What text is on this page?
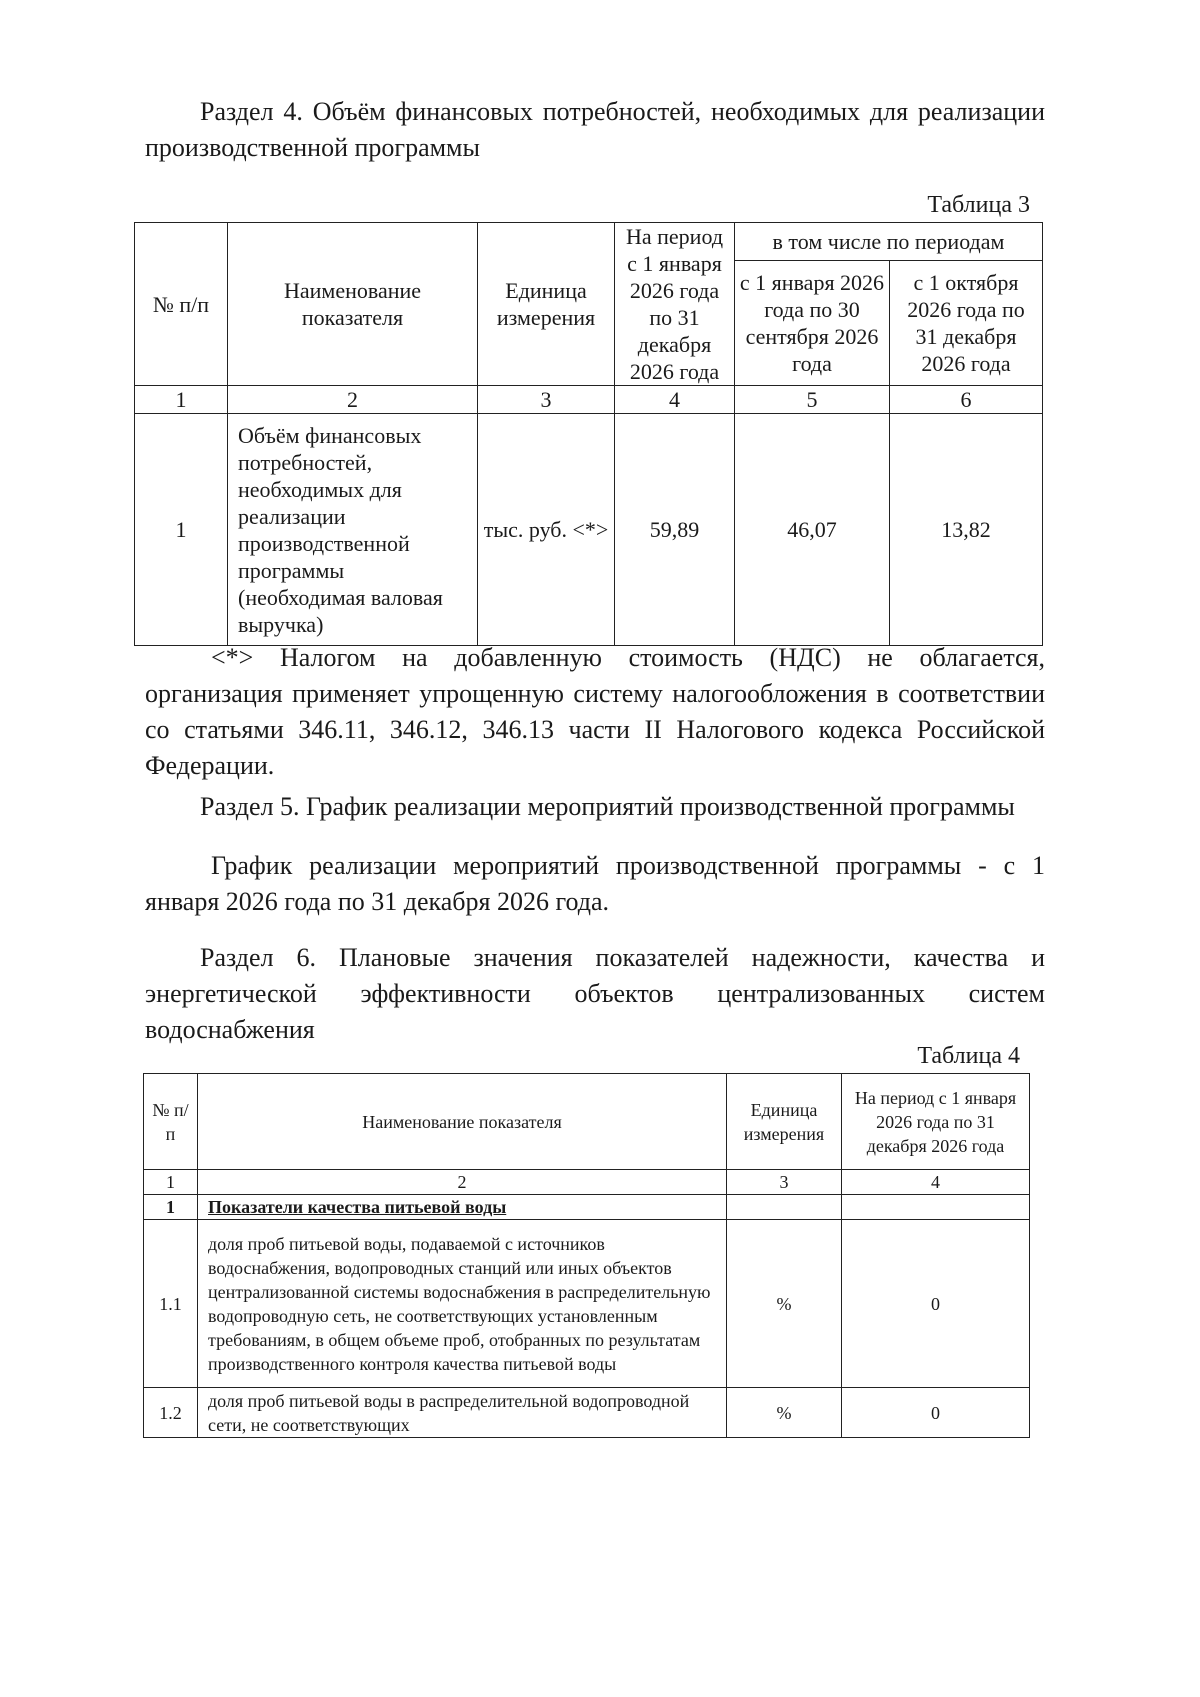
Раздел 4. Объём финансовых потребностей, необходимых для реализации производственной программы
Таблица 3
№ п/п	Наименование показателя	Единица измерения	На период с 1 января 2026 года по 31 декабря 2026 года	в том числе по периодам	
				с 1 января 2026 года по 30 сентября 2026 года	с 1 октября 2026 года по 31 декабря 2026 года
1	2	3	4	5	6
1	Объём финансовых потребностей, необходимых для реализации производственной программы (необходимая валовая выручка)	тыс. руб. <*>	59,89	46,07	13,82
<*> Налогом на добавленную стоимость (НДС) не облагается, организация применяет упрощенную систему налогообложения в соответствии со статьями 346.11, 346.12, 346.13 части II Налогового кодекса Российской Федерации.
Раздел 5. График реализации мероприятий производственной программы
График реализации мероприятий производственной программы - с 1 января 2026 года по 31 декабря 2026 года.
Раздел 6. Плановые значения показателей надежности, качества и энергетической эффективности объектов централизованных систем водоснабжения
Таблица 4
№ п/п	Наименование показателя	Единица измерения	На период с 1 января 2026 года по 31 декабря 2026 года
1	2	3	4
1	Показатели качества питьевой воды		
1.1	доля проб питьевой воды, подаваемой с источников водоснабжения, водопроводных станций или иных объектов централизованной системы водоснабжения в распределительную водопроводную сеть, не соответствующих установленным требованиям, в общем объеме проб, отобранных по результатам производственного контроля качества питьевой воды	%	0
1.2	доля проб питьевой воды в распределительной водопроводной сети, не соответствующих	%	0
